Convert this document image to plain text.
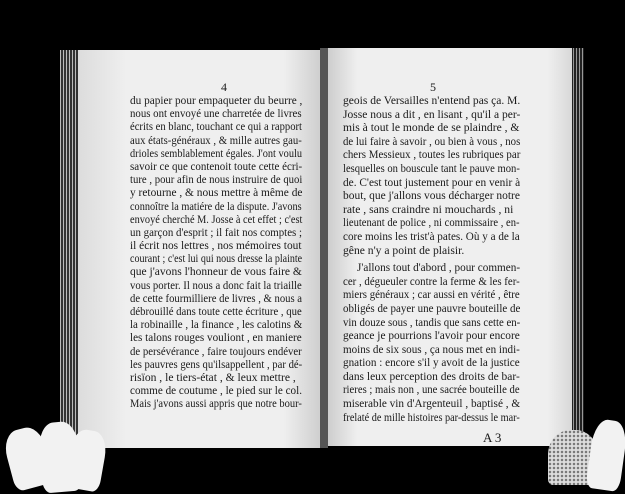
4
du papier pour empaqueter du beurre ,
nous ont envoyé une charretée de livres
écrits en blanc, touchant ce qui a rapport
aux états-généraux , & mille autres gau-
drioles semblablement égales. J'ont voulu
savoir ce que contenoit toute cette écri-
ture , pour afin de nous instruire de quoi
y retourne , & nous mettre à même de
connoître la matiére de la dispute. J'avons
envoyé cherché M. Josse à cet effet ; c'est
un garçon d'esprit ; il fait nos comptes ;
il écrit nos lettres , nos mémoires tout
courant ; c'est lui qui nous dresse la plainte
que j'avons l'honneur de vous faire &
vous porter. Il nous a donc fait la triaille
de cette fourmilliere de livres , & nous a
débrouillé dans toute cette écriture , que
la robinaille , la finance , les calotins &
les talons rouges vouliont , en maniere
de persévérance , faire toujours endéver
les pauvres gens qu'ilsappellent , par dé-
risïon , le tiers-état , & leux mettre ,
comme de coutume , le pied sur le col.
Mais j'avons aussi appris que notre bour-
5
geois de Versailles n'entend pas ça. M.
Josse nous a dit , en lisant , qu'il a per-
mis à tout le monde de se plaindre , &
de lui faire à savoir , ou bien à vous , nos
chers Messieux , toutes les rubriques par
lesquelles on bouscule tant le pauve mon-
de. C'est tout justement pour en venir à
bout, que j'allons vous décharger notre
rate , sans craindre ni mouchards , ni
lieutenant de police , ni commissaire , en-
core moins les trist'à pates. Où y a de la
gêne n'y a point de plaisir.
J'allons tout d'abord , pour commen-
cer , dégueuler contre la ferme & les fer-
miers généraux ; car aussi en vérité , être
obligés de payer une pauvre bouteille de
vin douze sous , tandis que sans cette en-
geance je pourrions l'avoir pour encore
moins de six sous , ça nous met en indi-
gnation : encore s'il y avoit de la justice
dans leux perception des droits de bar-
rieres ; mais non , une sacrée bouteille de
miserable vin d'Argenteuil , baptisé , &
frelaté de mille histoires par-dessus le mar-
A 3
